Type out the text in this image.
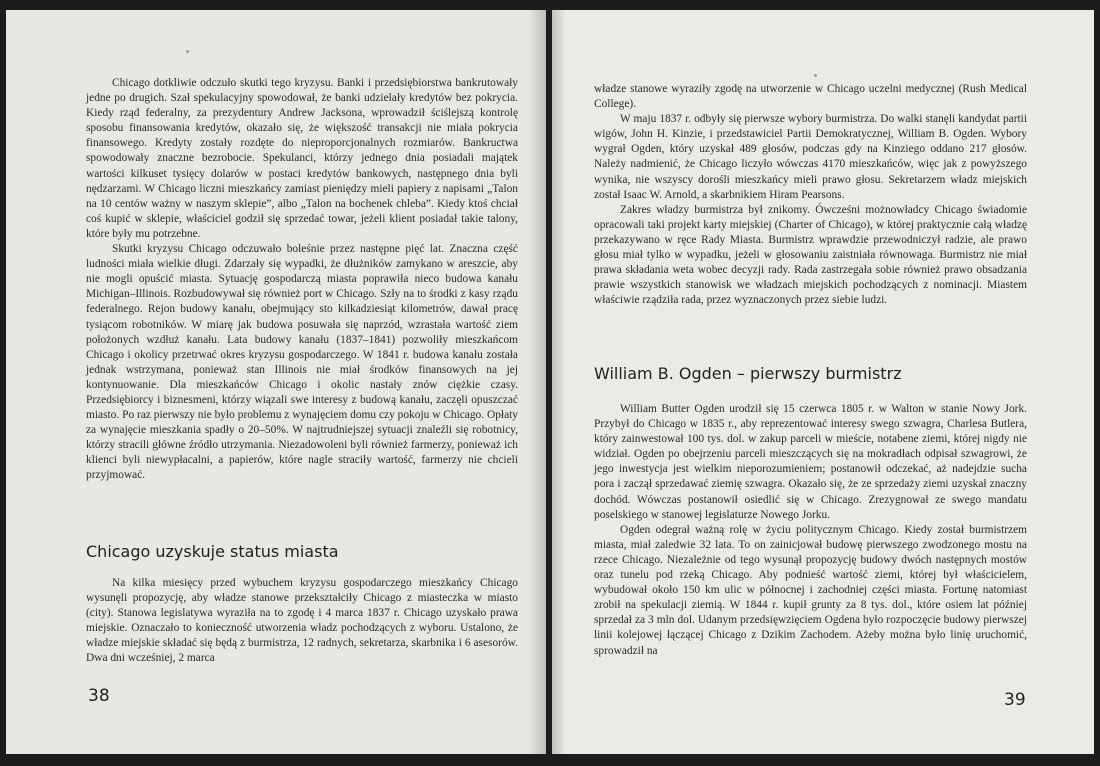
Chicago dotkliwie odczuło skutki tego kryzysu. Banki i przedsiębiorstwa bankrutowały jedne po drugich. Szał spekulacyjny spowodował, że banki udzielały kredytów bez pokrycia. Kiedy rząd federalny, za prezydentury Andrew Jacksona, wprowadził ściślejszą kontrolę sposobu finansowania kredytów, okazało się, że większość transakcji nie miała pokrycia finansowego. Kredyty zostały rozdęte do nieproporcjonalnych rozmiarów. Bankructwa spowodowały znaczne bezrobocie. Spekulanci, którzy jednego dnia posiadali majątek wartości kilkuset tysięcy dolarów w postaci kredytów bankowych, następnego dnia byli nędzarzami. W Chicago liczni mieszkańcy zamiast pieniędzy mieli papiery z napisami „Talon na 10 centów ważny w naszym sklepie”, albo „Talon na bochenek chleba”. Kiedy ktoś chciał coś kupić w sklepie, właściciel godził się sprzedać towar, jeżeli klient posiadał takie talony, które były mu potrzebne.

Skutki kryzysu Chicago odczuwało boleśnie przez następne pięć lat. Znaczna część ludności miała wielkie długi. Zdarzały się wypadki, że dłużników zamykano w areszcie, aby nie mogli opuścić miasta. Sytuację gospodarczą miasta poprawiła nieco budowa kanału Michigan–Illinois. Rozbudowywał się również port w Chicago. Szły na to środki z kasy rządu federalnego. Rejon budowy kanału, obejmujący sto kilkadziesiąt kilometrów, dawał pracę tysiącom robotników. W miarę jak budowa posuwała się naprzód, wzrastała wartość ziem położonych wzdłuż kanału. Lata budowy kanału (1837–1841) pozwoliły mieszkańcom Chicago i okolicy przetrwać okres kryzysu gospodarczego. W 1841 r. budowa kanału została jednak wstrzymana, ponieważ stan Illinois nie miał środków finansowych na jej kontynuowanie. Dla mieszkańców Chicago i okolic nastały znów ciężkie czasy. Przedsiębiorcy i biznesmeni, którzy wiązali swe interesy z budową kanału, zaczęli opuszczać miasto. Po raz pierwszy nie było problemu z wynajęciem domu czy pokoju w Chicago. Opłaty za wynajęcie mieszkania spadły o 20–50%. W najtrudniejszej sytuacji znaleźli się robotnicy, którzy stracili główne źródło utrzymania. Niezadowoleni byli również farmerzy, ponieważ ich klienci byli niewypłacalni, a papierów, które nagle straciły wartość, farmerzy nie chcieli przyjmować.

Chicago uzyskuje status miasta

Na kilka miesięcy przed wybuchem kryzysu gospodarczego mieszkańcy Chicago wysunęli propozycję, aby władze stanowe przekształciły Chicago z miasteczka w miasto (city). Stanowa legislatywa wyraziła na to zgodę i 4 marca 1837 r. Chicago uzyskało prawa miejskie. Oznaczało to konieczność utworzenia władz pochodzących z wyboru. Ustalono, że władze miejskie składać się będą z burmistrza, 12 radnych, sekretarza, skarbnika i 6 asesorów. Dwa dni wcześniej, 2 marca

38

władze stanowe wyraziły zgodę na utworzenie w Chicago uczelni medycznej (Rush Medical College).

W maju 1837 r. odbyły się pierwsze wybory burmistrza. Do walki stanęli kandydat partii wigów, John H. Kinzie, i przedstawiciel Partii Demokratycznej, William B. Ogden. Wybory wygrał Ogden, który uzyskał 489 głosów, podczas gdy na Kinziego oddano 217 głosów. Należy nadmienić, że Chicago liczyło wówczas 4170 mieszkańców, więc jak z powyższego wynika, nie wszyscy dorośli mieszkańcy mieli prawo głosu. Sekretarzem władz miejskich został Isaac W. Arnold, a skarbnikiem Hiram Pearsons.

Zakres władzy burmistrza był znikomy. Ówcześni możnowładcy Chicago świadomie opracowali taki projekt karty miejskiej (Charter of Chicago), w której praktycznie całą władzę przekazywano w ręce Rady Miasta. Burmistrz wprawdzie przewodniczył radzie, ale prawo głosu miał tylko w wypadku, jeżeli w głosowaniu zaistniała równowaga. Burmistrz nie miał prawa składania weta wobec decyzji rady. Rada zastrzegała sobie również prawo obsadzania prawie wszystkich stanowisk we władzach miejskich pochodzących z nominacji. Miastem właściwie rządziła rada, przez wyznaczonych przez siebie ludzi.

William B. Ogden – pierwszy burmistrz

William Butter Ogden urodził się 15 czerwca 1805 r. w Walton w stanie Nowy Jork. Przybył do Chicago w 1835 r., aby reprezentować interesy swego szwagra, Charlesa Butlera, który zainwestował 100 tys. dol. w zakup parceli w mieście, notabene ziemi, której nigdy nie widział. Ogden po obejrzeniu parceli mieszczących się na mokradłach odpisał szwagrowi, że jego inwestycja jest wielkim nieporozumieniem; postanowił odczekać, aż nadejdzie sucha pora i zaczął sprzedawać ziemię szwagra. Okazało się, że ze sprzedaży ziemi uzyskał znaczny dochód. Wówczas postanowił osiedlić się w Chicago. Zrezygnował ze swego mandatu poselskiego w stanowej legislaturze Nowego Jorku.

Ogden odegrał ważną rolę w życiu politycznym Chicago. Kiedy został burmistrzem miasta, miał zaledwie 32 lata. To on zainicjował budowę pierwszego zwodzonego mostu na rzece Chicago. Niezależnie od tego wysunął propozycję budowy dwóch następnych mostów oraz tunelu pod rzeką Chicago. Aby podnieść wartość ziemi, której był właścicielem, wybudował około 150 km ulic w północnej i zachodniej części miasta. Fortunę natomiast zrobił na spekulacji ziemią. W 1844 r. kupił grunty za 8 tys. dol., które osiem lat później sprzedał za 3 mln dol. Udanym przedsięwzięciem Ogdena było rozpoczęcie budowy pierwszej linii kolejowej łączącej Chicago z Dzikim Zachodem. Ażeby można było linię uruchomić, sprowadził na

39
